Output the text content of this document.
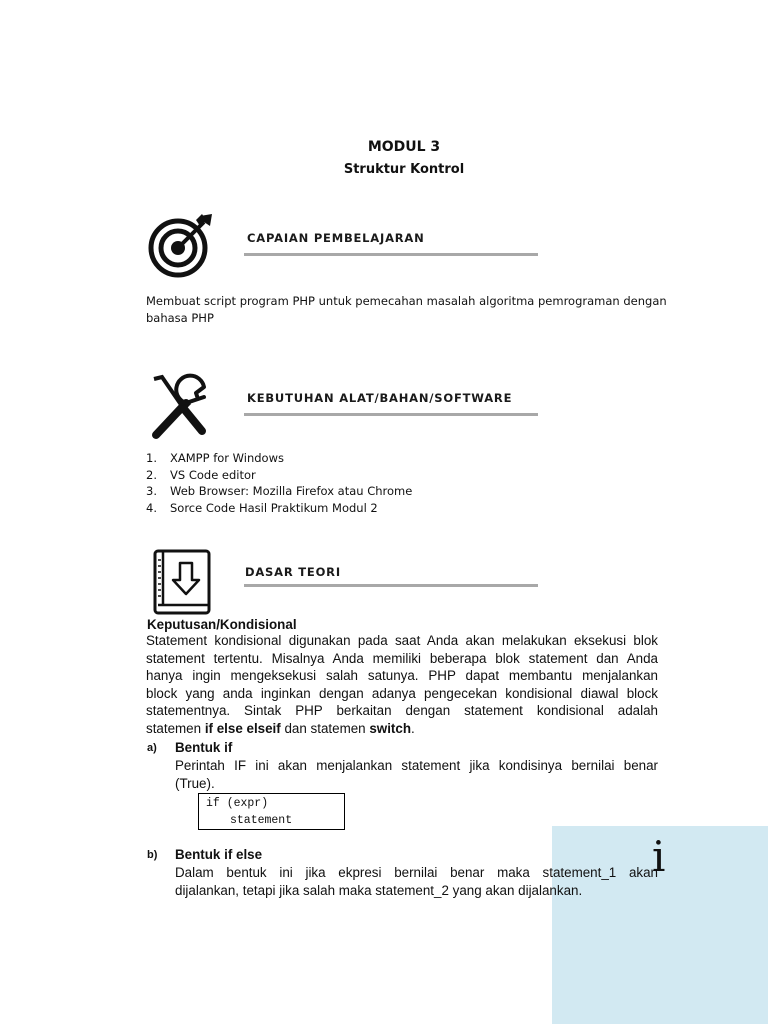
MODUL 3
Struktur Kontrol
CAPAIAN PEMBELAJARAN
Membuat script program PHP untuk pemecahan masalah algoritma pemrograman dengan
bahasa PHP
KEBUTUHAN ALAT/BAHAN/SOFTWARE
1. XAMPP for Windows
2. VS Code editor
3. Web Browser: Mozilla Firefox atau Chrome
4. Sorce Code Hasil Praktikum Modul 2
DASAR TEORI
Keputusan/Kondisional
Statement kondisional digunakan pada saat Anda akan melakukan eksekusi blok
statement tertentu. Misalnya Anda memiliki beberapa blok statement dan Anda
hanya ingin mengeksekusi salah satunya. PHP dapat membantu menjalankan
block yang anda inginkan dengan adanya pengecekan kondisional diawal block
statementnya. Sintak PHP berkaitan dengan statement kondisional adalah
statemen if else elseif dan statemen switch.
a) Bentuk if
Perintah IF ini akan menjalankan statement jika kondisinya bernilai benar
(True).
if (expr)
statement
b) Bentuk if else
Dalam bentuk ini jika ekpresi bernilai benar maka statement_1 akan
dijalankan, tetapi jika salah maka statement_2 yang akan dijalankan.
i
